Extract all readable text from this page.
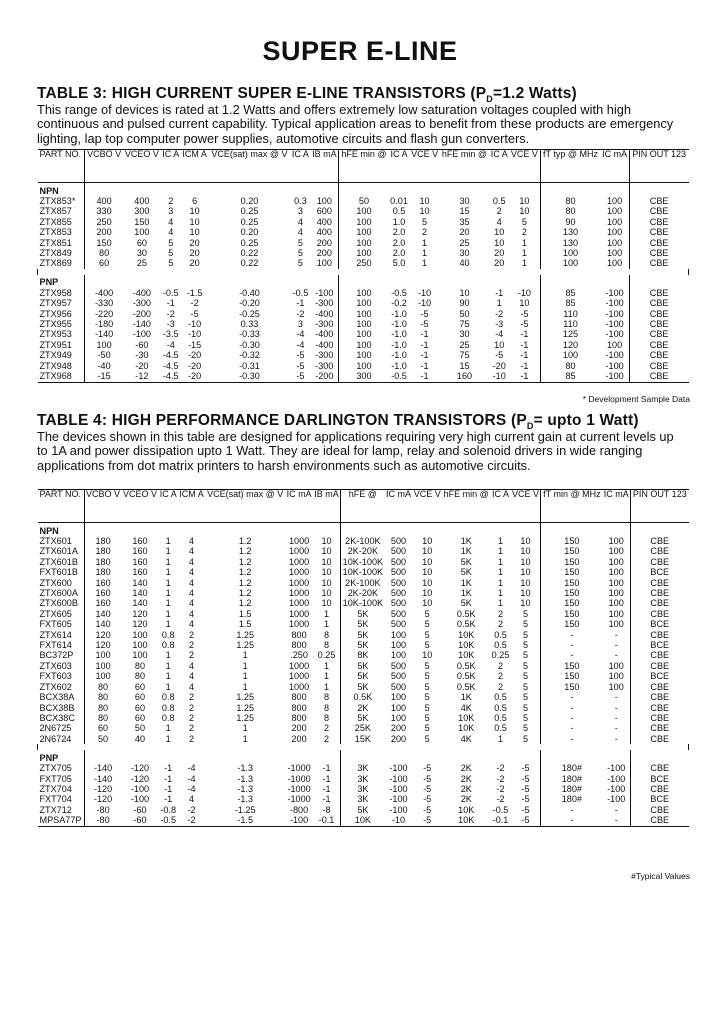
SUPER E-LINE
TABLE 3: HIGH CURRENT SUPER E-LINE TRANSISTORS ($P_D=1.2$ Watts)
This range of devices is rated at 1.2 Watts and offers extremely low saturation voltages coupled with high continuous and pulsed current capability. Typical application areas to benefit from these products are emergency lighting, lap top computer power supplies, automotive circuits and flash gun converters.
PART NO.	VCBO V	VCEO V	IC A	ICM A	VCE(sat) max @ V	IC A	IB mA	hFE min @	IC A	VCE V	hFE min @	IC A	VCE V	fT typ @ MHz	IC mA	PIN OUT 123
NPN																
ZTX853*	400	400	2	6	0.20	0.3	100	50	0.01	10	30	0.5	10	80	100	CBE
ZTX857	330	300	3	10	0.25	3	600	100	0.5	10	15	2	10	80	100	CBE
ZTX855	250	150	4	10	0.25	4	400	100	1.0	5	35	4	5	90	100	CBE
ZTX853	200	100	4	10	0.20	4	400	100	2.0	2	20	10	2	130	100	CBE
ZTX851	150	60	5	20	0.25	5	200	100	2.0	1	25	10	1	130	100	CBE
ZTX849	80	30	5	20	0.22	5	200	100	2.0	1	30	20	1	100	100	CBE
ZTX869	60	25	5	20	0.22	5	100	250	5.0	1	40	20	1	100	100	CBE

PNP																
ZTX958	-400	-400	-0.5	-1.5	-0.40	-0.5	-100	100	-0.5	-10	10	-1	-10	85	-100	CBE
ZTX957	-330	-300	-1	-2	-0.20	-1	-300	100	-0.2	-10	90	1	10	85	-100	CBE
ZTX956	-220	-200	-2	-5	-0.25	-2	-400	100	-1.0	-5	50	-2	-5	110	-100	CBE
ZTX955	-180	-140	-3	-10	0.33	3	-300	100	-1.0	-5	75	-3	-5	110	-100	CBE
ZTX953	-140	-100	-3.5	-10	-0.33	-4	-400	100	-1.0	-1	30	-4	-1	125	-100	CBE
ZTX951	100	-60	-4	-15	-0.30	-4	-400	100	-1.0	-1	25	10	-1	120	100	CBE
ZTX949	-50	-30	-4.5	-20	-0.32	-5	-300	100	-1.0	-1	75	-5	-1	100	-100	CBE
ZTX948	-40	-20	-4.5	-20	-0.31	-5	-300	100	-1.0	-1	15	-20	-1	80	-100	CBE
ZTX968	-15	-12	-4.5	-20	-0.30	-5	-200	300	-0.5	-1	160	-10	-1	85	-100	CBE
* Development Sample Data
TABLE 4: HIGH PERFORMANCE DARLINGTON TRANSISTORS ($P_D=$ upto 1 Watt)
The devices shown in this table are designed for applications requiring very high current gain at current levels up to 1A and power dissipation upto 1 Watt. They are ideal for lamp, relay and solenoid drivers in wide ranging applications from dot matrix printers to harsh environments such as automotive circuits.
PART NO.	VCBO V	VCEO V	IC A	ICM A	VCE(sat) max @ V	IC mA	IB mA	hFE @	IC mA	VCE V	hFE min @	IC A	VCE V	fT min @ MHz	IC mA	PIN OUT 123
NPN																
ZTX601	180	160	1	4	1.2	1000	10	2K-100K	500	10	1K	1	10	150	100	CBE
ZTX601A	180	160	1	4	1.2	1000	10	2K-20K	500	10	1K	1	10	150	100	CBE
ZTX601B	180	160	1	4	1.2	1000	10	10K-100K	500	10	5K	1	10	150	100	CBE
FXT601B	180	160	1	4	1.2	1000	10	10K-100K	500	10	5K	1	10	150	100	BCE
ZTX600	160	140	1	4	1.2	1000	10	2K-100K	500	10	1K	1	10	150	100	CBE
ZTX600A	160	140	1	4	1.2	1000	10	2K-20K	500	10	1K	1	10	150	100	CBE
ZTX600B	160	140	1	4	1.2	1000	10	10K-100K	500	10	5K	1	10	150	100	CBE
ZTX605	140	120	1	4	1.5	1000	1	5K	500	5	0.5K	2	5	150	100	CBE
FXT605	140	120	1	4	1.5	1000	1	5K	500	5	0.5K	2	5	150	100	BCE
ZTX614	120	100	0.8	2	1.25	800	8	5K	100	5	10K	0.5	5	-	-	CBE
FXT614	120	100	0.8	2	1.25	800	8	5K	100	5	10K	0.5	5	-	-	BCE
BC372P	100	100	1	2	1	.250	0.25	8K	100	10	10K	0.25	5	-	-	CBE
ZTX603	100	80	1	4	1	1000	1	5K	500	5	0.5K	2	5	150	100	CBE
FXT603	100	80	1	4	1	1000	1	5K	500	5	0.5K	2	5	150	100	BCE
ZTX602	80	60	1	4	1	1000	1	5K	500	5	0.5K	2	5	150	100	CBE
BCX38A	80	60	0.8	2	1.25	800	8	0.5K	100	5	1K	0.5	5	-	-	CBE
BCX38B	80	60	0.8	2	1.25	800	8	2K	100	5	4K	0.5	5	-	-	CBE
BCX38C	80	60	0.8	2	1.25	800	8	5K	100	5	10K	0.5	5	-	-	CBE
2N6725	60	50	1	2	1	200	2	25K	200	5	10K	0.5	5	-	-	CBE
2N6724	50	40	1	2	1	200	2	15K	200	5	4K	1	5	-	-	CBE

PNP																
ZTX705	-140	-120	-1	-4	-1.3	-1000	-1	3K	-100	-5	2K	-2	-5	180#	-100	CBE
FXT705	-140	-120	-1	-4	-1.3	-1000	-1	3K	-100	-5	2K	-2	-5	180#	-100	BCE
ZTX704	-120	-100	-1	-4	-1.3	-1000	-1	3K	-100	-5	2K	-2	-5	180#	-100	CBE
FXT704	-120	-100	-1	4	-1.3	-1000	-1	3K	-100	-5	2K	-2	-5	180#	-100	BCE
ZTX712	-80	-60	-0.8	-2	-1.25	-800	-8	5K	-100	-5	10K	-0.5	-5	-	-	CBE
MPSA77P	-80	-60	-0.5	-2	-1.5	-100	-0.1	10K	-10	-5	10K	-0.1	-5	-	-	CBE
#Typical Values
